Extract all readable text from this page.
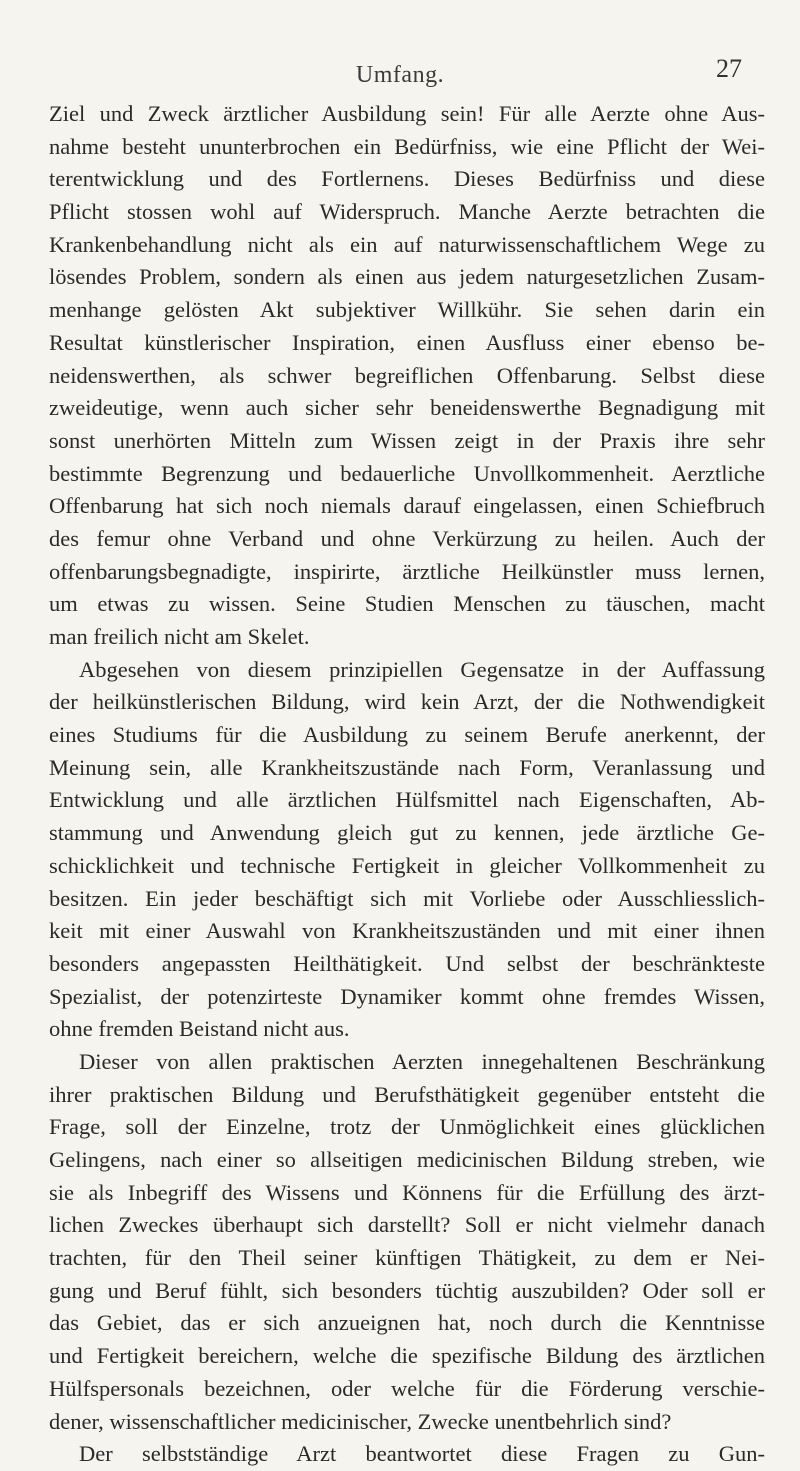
Umfang.	27
Ziel und Zweck ärztlicher Ausbildung sein! Für alle Aerzte ohne Aus-
nahme besteht ununterbrochen ein Bedürfniss, wie eine Pflicht der Wei-
terentwicklung und des Fortlernens. Dieses Bedürfniss und diese
Pflicht stossen wohl auf Widerspruch. Manche Aerzte betrachten die
Krankenbehandlung nicht als ein auf naturwissenschaftlichem Wege zu
lösendes Problem, sondern als einen aus jedem naturgesetzlichen Zusam-
menhange gelösten Akt subjektiver Willkühr. Sie sehen darin ein
Resultat künstlerischer Inspiration, einen Ausfluss einer ebenso be-
neidenswerthen, als schwer begreiflichen Offenbarung. Selbst diese
zweideutige, wenn auch sicher sehr beneidenswerthe Begnadigung mit
sonst unerhörten Mitteln zum Wissen zeigt in der Praxis ihre sehr
bestimmte Begrenzung und bedauerliche Unvollkommenheit. Aerztliche
Offenbarung hat sich noch niemals darauf eingelassen, einen Schiefbruch
des femur ohne Verband und ohne Verkürzung zu heilen. Auch der
offenbarungsbegnadigte, inspirirte, ärztliche Heilkünstler muss lernen,
um etwas zu wissen. Seine Studien Menschen zu täuschen, macht
man freilich nicht am Skelet.
Abgesehen von diesem prinzipiellen Gegensatze in der Auffassung
der heilkünstlerischen Bildung, wird kein Arzt, der die Nothwendigkeit
eines Studiums für die Ausbildung zu seinem Berufe anerkennt, der
Meinung sein, alle Krankheitszustände nach Form, Veranlassung und
Entwicklung und alle ärztlichen Hülfsmittel nach Eigenschaften, Ab-
stammung und Anwendung gleich gut zu kennen, jede ärztliche Ge-
schicklichkeit und technische Fertigkeit in gleicher Vollkommenheit zu
besitzen. Ein jeder beschäftigt sich mit Vorliebe oder Ausschliesslich-
keit mit einer Auswahl von Krankheitszuständen und mit einer ihnen
besonders angepassten Heilthätigkeit. Und selbst der beschränkteste
Spezialist, der potenzirteste Dynamiker kommt ohne fremdes Wissen,
ohne fremden Beistand nicht aus.
Dieser von allen praktischen Aerzten innegehaltenen Beschränkung
ihrer praktischen Bildung und Berufsthätigkeit gegenüber entsteht die
Frage, soll der Einzelne, trotz der Unmöglichkeit eines glücklichen
Gelingens, nach einer so allseitigen medicinischen Bildung streben, wie
sie als Inbegriff des Wissens und Könnens für die Erfüllung des ärzt-
lichen Zweckes überhaupt sich darstellt? Soll er nicht vielmehr danach
trachten, für den Theil seiner künftigen Thätigkeit, zu dem er Nei-
gung und Beruf fühlt, sich besonders tüchtig auszubilden? Oder soll er
das Gebiet, das er sich anzueignen hat, noch durch die Kenntnisse
und Fertigkeit bereichern, welche die spezifische Bildung des ärztlichen
Hülfspersonals bezeichnen, oder welche für die Förderung verschie-
dener, wissenschaftlicher medicinischer, Zwecke unentbehrlich sind?
Der selbstständige Arzt beantwortet diese Fragen zu Gun-
